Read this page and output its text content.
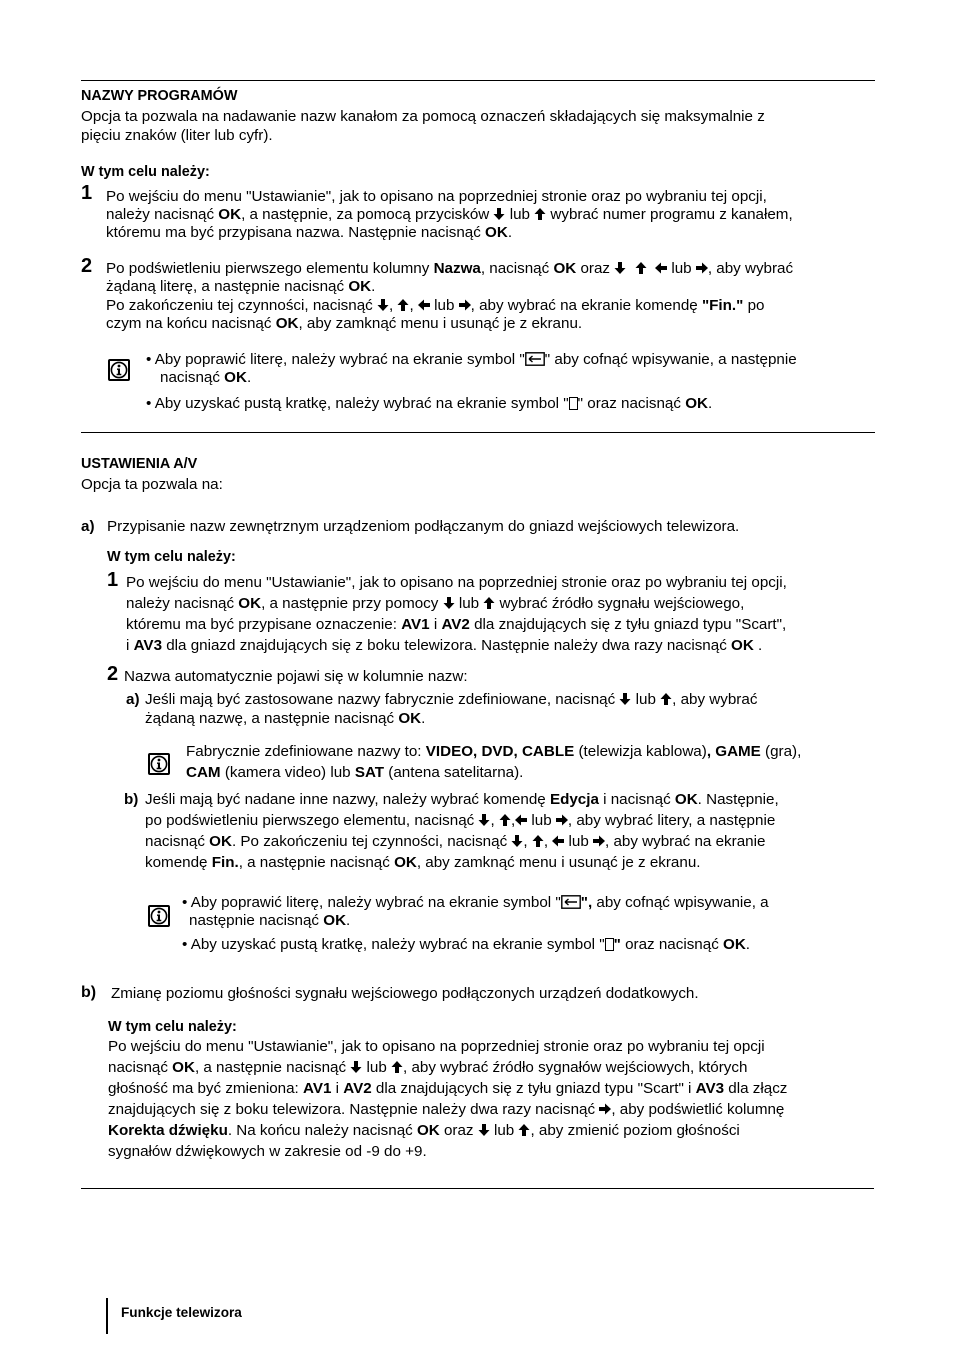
NAZWY PROGRAMÓW
Opcja ta pozwala na nadawanie nazw kanałom za pomocą oznaczeń składających się maksymalnie z
pięciu znaków (liter lub cyfr).
W tym celu należy:
1 Po wejściu do menu "Ustawianie", jak to opisano na poprzedniej stronie oraz po wybraniu tej opcji,
należy nacisnąć OK, a następnie, za pomocą przycisków  lub  wybrać numer programu z kanałem,
któremu ma być przypisana nazwa. Następnie nacisnąć OK.
2 Po podświetleniu pierwszego elementu kolumny Nazwa, nacisnąć OK oraz	lub , aby wybrać
żądaną literę, a następnie nacisnąć OK.
Po zakończeniu tej czynności, nacisnąć , ,  lub , aby wybrać na ekranie komendę "Fin." po
czym na końcu nacisnąć OK, aby zamknąć menu i usunąć je z ekranu.
• Aby poprawić literę, należy wybrać na ekranie symbol " " aby cofnąć wpisywanie, a następnie
nacisnąć OK.
• Aby uzyskać pustą kratkę, należy wybrać na ekranie symbol " " oraz nacisnąć OK.
USTAWIENIA A/V
Opcja ta pozwala na:
a) Przypisanie nazw zewnętrznym urządzeniom podłączanym do gniazd wejściowych telewizora.
W tym celu należy:
1 Po wejściu do menu "Ustawianie", jak to opisano na poprzedniej stronie oraz po wybraniu tej opcji,
należy nacisnąć OK, a następnie przy pomocy  lub  wybrać źródło sygnału wejściowego,
któremu ma być przypisane oznaczenie: AV1 i AV2 dla znajdujących się z tyłu gniazd typu "Scart",
i AV3 dla gniazd znajdujących się z boku telewizora. Następnie należy dwa razy nacisnąć OK .
2 Nazwa automatycznie pojawi się w kolumnie nazw:
a) Jeśli mają być zastosowane nazwy fabrycznie zdefiniowane, nacisnąć  lub , aby wybrać
żądaną nazwę, a następnie nacisnąć OK.
Fabrycznie zdefiniowane nazwy to: VIDEO, DVD, CABLE (telewizja kablowa), GAME (gra),
CAM (kamera video) lub SAT (antena satelitarna).
b) Jeśli mają być nadane inne nazwy, należy wybrać komendę Edycja i nacisnąć OK. Następnie,
po podświetleniu pierwszego elementu, nacisnąć , , lub , aby wybrać litery, a następnie
nacisnąć OK. Po zakończeniu tej czynności, nacisnąć , ,  lub , aby wybrać na ekranie
komendę Fin., a następnie nacisnąć OK, aby zamknąć menu i usunąć je z ekranu.
• Aby poprawić literę, należy wybrać na ekranie symbol " ", aby cofnąć wpisywanie, a
następnie nacisnąć OK.
• Aby uzyskać pustą kratkę, należy wybrać na ekranie symbol " " oraz nacisnąć OK.
b) Zmianę poziomu głośności sygnału wejściowego podłączonych urządzeń dodatkowych.
W tym celu należy:
Po wejściu do menu "Ustawianie", jak to opisano na poprzedniej stronie oraz po wybraniu tej opcji
nacisnąć OK, a następnie nacisnąć  lub , aby wybrać źródło sygnałów wejściowych, których
głośność ma być zmieniona: AV1 i AV2 dla znajdujących się z tyłu gniazd typu "Scart" i AV3 dla złącz
znajdujących się z boku telewizora. Następnie należy dwa razy nacisnąć , aby podświetlić kolumnę
Korekta dźwięku. Na końcu należy nacisnąć OK oraz  lub , aby zmienić poziom głośności
sygnałów dźwiękowych w zakresie od -9 do +9.
Funkcje telewizora
